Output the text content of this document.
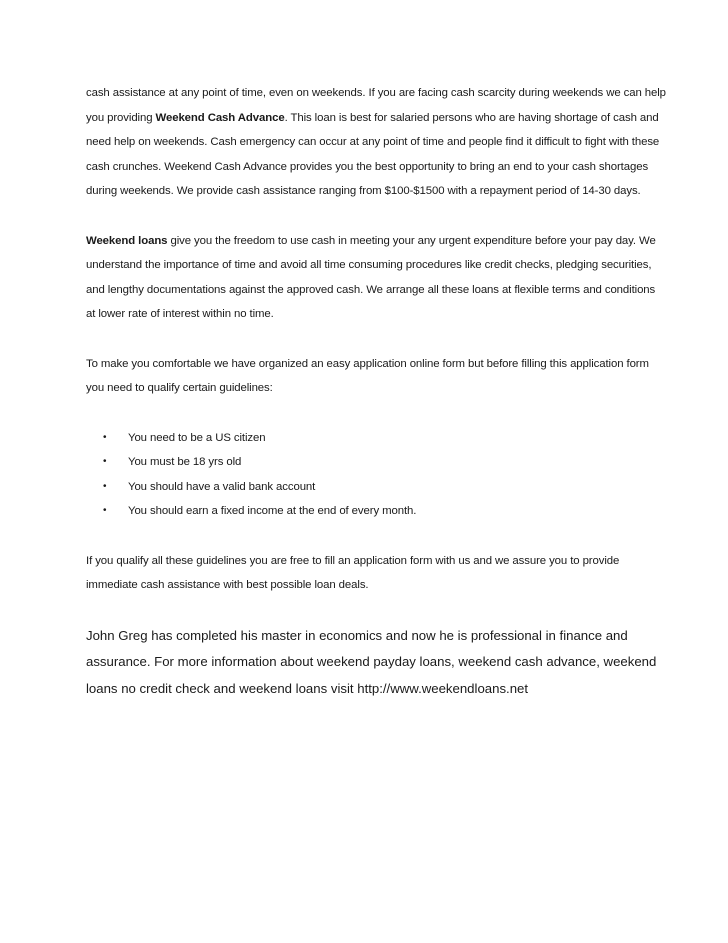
cash assistance at any point of time, even on weekends. If you are facing cash scarcity during weekends we can help you providing Weekend Cash Advance. This loan is best for salaried persons who are having shortage of cash and need help on weekends. Cash emergency can occur at any point of time and people find it difficult to fight with these cash crunches. Weekend Cash Advance provides you the best opportunity to bring an end to your cash shortages during weekends. We provide cash assistance ranging from $100-$1500 with a repayment period of 14-30 days.

Weekend loans give you the freedom to use cash in meeting your any urgent expenditure before your pay day. We understand the importance of time and avoid all time consuming procedures like credit checks, pledging securities, and lengthy documentations against the approved cash. We arrange all these loans at flexible terms and conditions at lower rate of interest within no time.

To make you comfortable we have organized an easy application online form but before filling this application form you need to qualify certain guidelines:

• You need to be a US citizen
• You must be 18 yrs old
• You should have a valid bank account
• You should earn a fixed income at the end of every month.

If you qualify all these guidelines you are free to fill an application form with us and we assure you to provide immediate cash assistance with best possible loan deals.

John Greg has completed his master in economics and now he is professional in finance and assurance. For more information about weekend payday loans, weekend cash advance, weekend loans no credit check and weekend loans visit http://www.weekendloans.net
